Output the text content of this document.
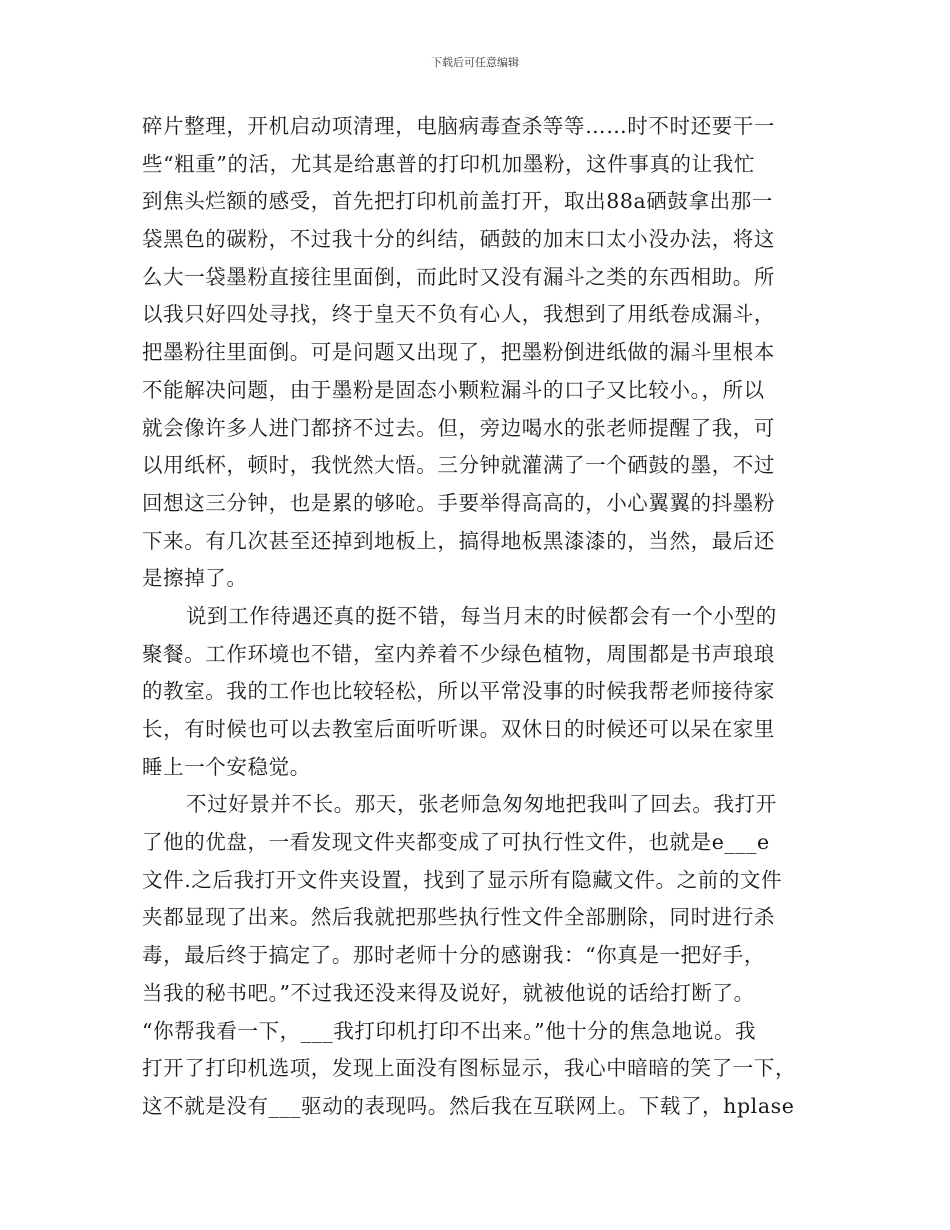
下载后可任意编辑
碎片整理，开机启动项清理，电脑病毒查杀等等……时不时还要干一
些“粗重”的活，尤其是给惠普的打印机加墨粉，这件事真的让我忙
到焦头烂额的感受，首先把打印机前盖打开，取出88a硒鼓拿出那一
袋黑色的碳粉，不过我十分的纠结，硒鼓的加末口太小没办法，将这
么大一袋墨粉直接往里面倒，而此时又没有漏斗之类的东西相助。所
以我只好四处寻找，终于皇天不负有心人，我想到了用纸卷成漏斗，
把墨粉往里面倒。可是问题又出现了，把墨粉倒进纸做的漏斗里根本
不能解决问题，由于墨粉是固态小颗粒漏斗的口子又比较小。，所以
就会像许多人进门都挤不过去。但，旁边喝水的张老师提醒了我，可
以用纸杯，顿时，我恍然大悟。三分钟就灌满了一个硒鼓的墨，不过
回想这三分钟，也是累的够呛。手要举得高高的，小心翼翼的抖墨粉
下来。有几次甚至还掉到地板上，搞得地板黑漆漆的，当然，最后还
是擦掉了。
说到工作待遇还真的挺不错，每当月末的时候都会有一个小型的
聚餐。工作环境也不错，室内养着不少绿色植物，周围都是书声琅琅
的教室。我的工作也比较轻松，所以平常没事的时候我帮老师接待家
长，有时候也可以去教室后面听听课。双休日的时候还可以呆在家里
睡上一个安稳觉。
不过好景并不长。那天，张老师急匆匆地把我叫了回去。我打开
了他的优盘，一看发现文件夹都变成了可执行性文件，也就是e___e
文件.之后我打开文件夹设置，找到了显示所有隐藏文件。之前的文件
夹都显现了出来。然后我就把那些执行性文件全部删除，同时进行杀
毒，最后终于搞定了。那时老师十分的感谢我：“你真是一把好手，
当我的秘书吧。”不过我还没来得及说好，就被他说的话给打断了。
“你帮我看一下，___我打印机打印不出来。”他十分的焦急地说。我
打开了打印机选项，发现上面没有图标显示，我心中暗暗的笑了一下，
这不就是没有___驱动的表现吗。然后我在互联网上。下载了，hplase
